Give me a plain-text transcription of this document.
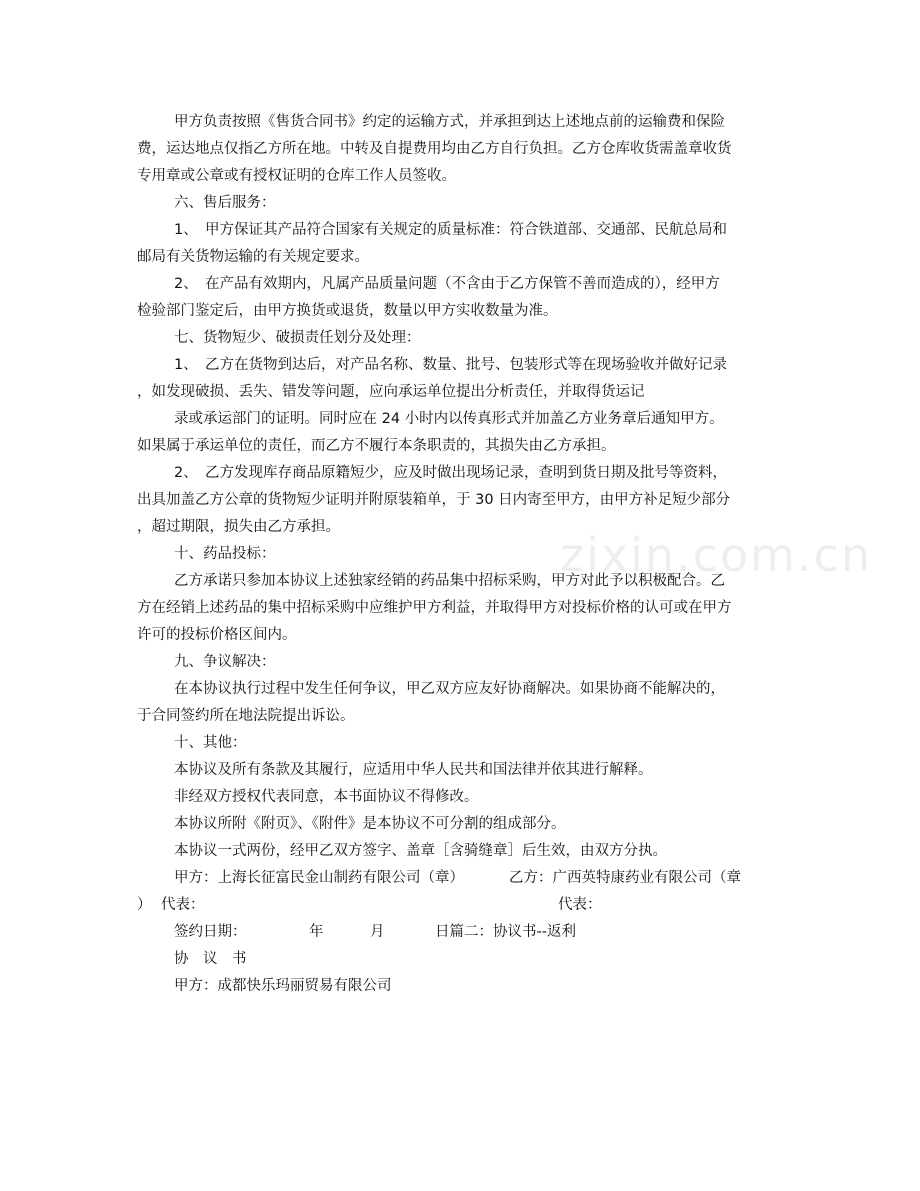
zixin.com.cn
甲方负责按照《售货合同书》约定的运输方式，并承担到达上述地点前的运输费和保险
费，运达地点仅指乙方所在地。中转及自提费用均由乙方自行负担。乙方仓库收货需盖章收货
专用章或公章或有授权证明的仓库工作人员签收。
六、售后服务：
1、　甲方保证其产品符合国家有关规定的质量标准：符合铁道部、交通部、民航总局和
邮局有关货物运输的有关规定要求。
2、　在产品有效期内，凡属产品质量问题（不含由于乙方保管不善而造成的），经甲方
检验部门鉴定后，由甲方换货或退货，数量以甲方实收数量为准。
七、货物短少、破损责任划分及处理：
1、　乙方在货物到达后，对产品名称、数量、批号、包装形式等在现场验收并做好记录
，如发现破损、丢失、错发等问题，应向承运单位提出分析责任，并取得货运记
录或承运部门的证明。同时应在 24 小时内以传真形式并加盖乙方业务章后通知甲方。
如果属于承运单位的责任，而乙方不履行本条职责的，其损失由乙方承担。
2、　乙方发现库存商品原籍短少，应及时做出现场记录，查明到货日期及批号等资料，
出具加盖乙方公章的货物短少证明并附原装箱单，于 30 日内寄至甲方，由甲方补足短少部分
，超过期限，损失由乙方承担。
十、药品投标：
乙方承诺只参加本协议上述独家经销的药品集中招标采购，甲方对此予以积极配合。乙
方在经销上述药品的集中招标采购中应维护甲方利益，并取得甲方对投标价格的认可或在甲方
许可的投标价格区间内。
九、争议解决：
在本协议执行过程中发生任何争议，甲乙双方应友好协商解决。如果协商不能解决的，
于合同签约所在地法院提出诉讼。
十、其他：
本协议及所有条款及其履行，应适用中华人民共和国法律并依其进行解释。
非经双方授权代表同意，本书面协议不得修改。
本协议所附《附页》、《附件》是本协议不可分割的组成部分。
本协议一式两份，经甲乙双方签字、盖章［含骑缝章］后生效，由双方分执。
甲方：上海长征富民金山制药有限公司（章）	乙方：广西英特康药业有限公司（章
） 代表：	代表：
签约日期：	年	月	日篇二：协议书--返利
协　议　书
甲方：成都快乐玛丽贸易有限公司
